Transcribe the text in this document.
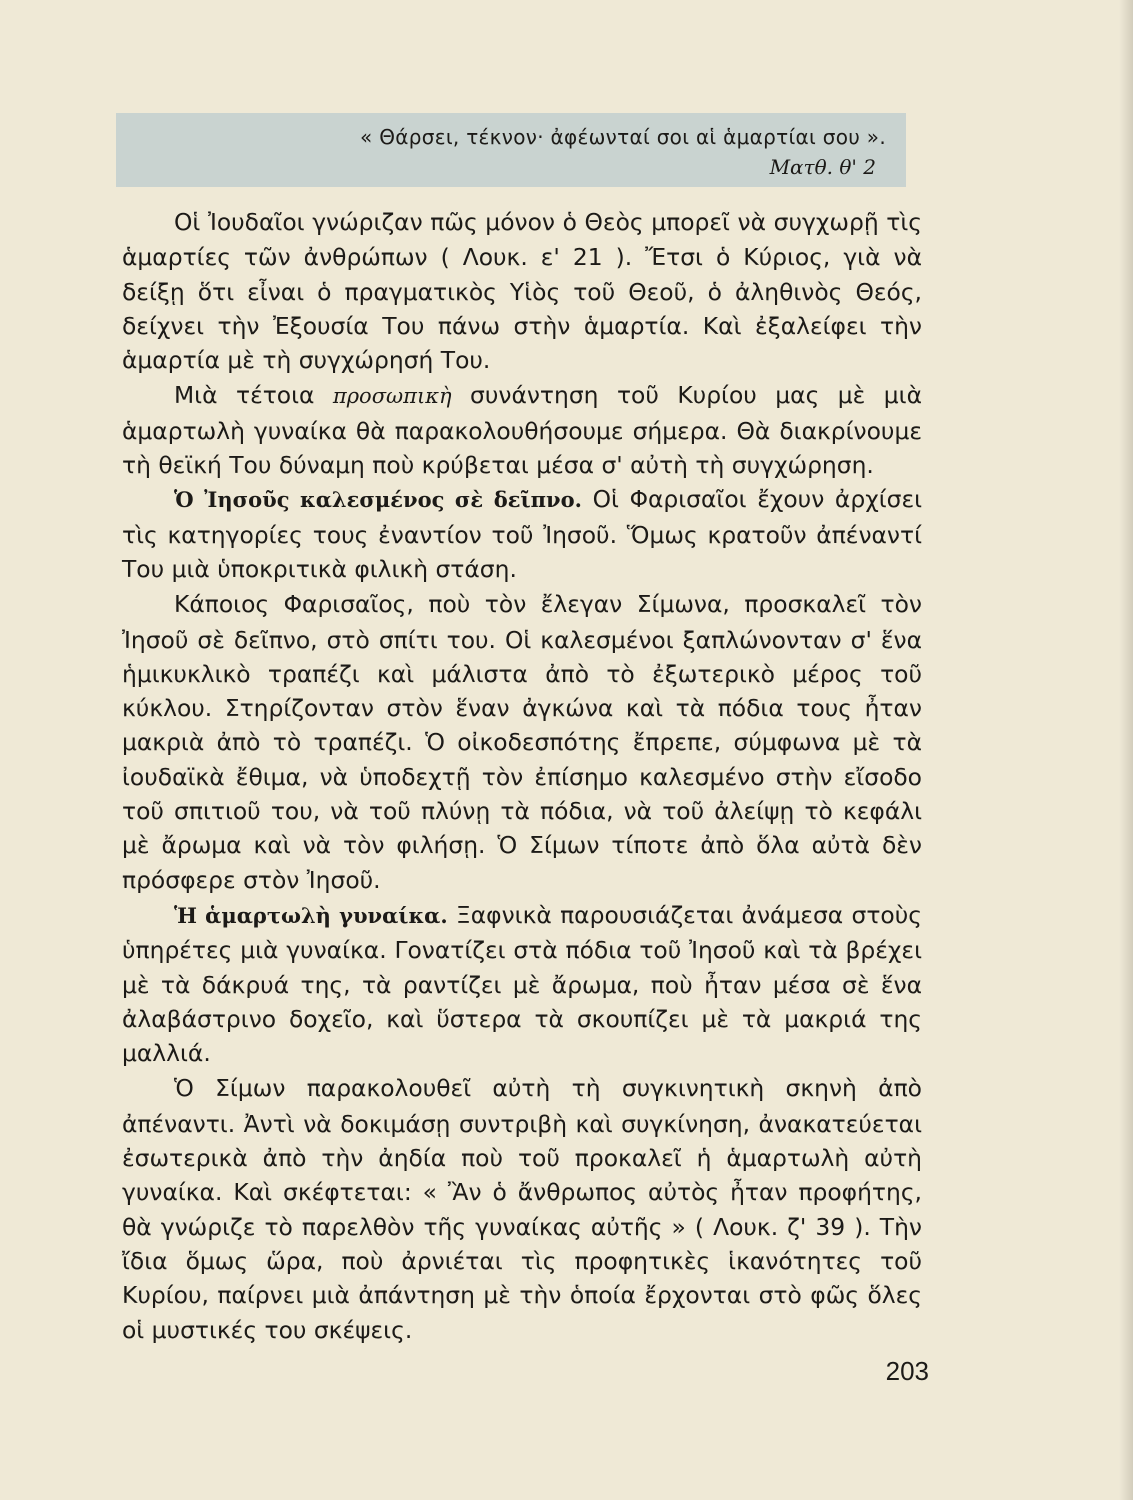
« Θάρσει, τέκνον· ἀφέωνταί σοι αἱ ἁμαρτίαι σου ».
Ματθ. θ' 2

Οἱ Ἰουδαῖοι γνώριζαν πῶς μόνον ὁ Θεὸς μπορεῖ νὰ συγχωρῇ τὶς ἁμαρτίες τῶν ἀνθρώπων ( Λουκ. ε' 21 ). Ἔτσι ὁ Κύριος, γιὰ νὰ δείξῃ ὅτι εἶναι ὁ πραγματικὸς Υἱὸς τοῦ Θεοῦ, ὁ ἀληθινὸς Θεός, δείχνει τὴν Ἐξουσία Του πάνω στὴν ἁμαρτία. Καὶ ἐξαλείφει τὴν ἁμαρτία μὲ τὴ συγχώρησή Του.

Μιὰ τέτοια προσωπικὴ συνάντηση τοῦ Κυρίου μας μὲ μιὰ ἁμαρτωλὴ γυναίκα θὰ παρακολουθήσουμε σήμερα. Θὰ διακρίνουμε τὴ θεϊκή Του δύναμη ποὺ κρύβεται μέσα σ' αὐτὴ τὴ συγχώρηση.

Ὁ Ἰησοῦς καλεσμένος σὲ δεῖπνο. Οἱ Φαρισαῖοι ἔχουν ἀρχίσει τὶς κατηγορίες τους ἐναντίον τοῦ Ἰησοῦ. Ὅμως κρατοῦν ἀπέναντί Του μιὰ ὑποκριτικὰ φιλικὴ στάση.

Κάποιος Φαρισαῖος, ποὺ τὸν ἔλεγαν Σίμωνα, προσκαλεῖ τὸν Ἰησοῦ σὲ δεῖπνο, στὸ σπίτι του. Οἱ καλεσμένοι ξαπλώνονταν σ' ἕνα ἡμικυκλικὸ τραπέζι καὶ μάλιστα ἀπὸ τὸ ἐξωτερικὸ μέρος τοῦ κύκλου. Στηρίζονταν στὸν ἕναν ἀγκώνα καὶ τὰ πόδια τους ἦταν μακριὰ ἀπὸ τὸ τραπέζι. Ὁ οἰκοδεσπότης ἔπρεπε, σύμφωνα μὲ τὰ ἰουδαϊκὰ ἔθιμα, νὰ ὑποδεχτῇ τὸν ἐπίσημο καλεσμένο στὴν εἴσοδο τοῦ σπιτιοῦ του, νὰ τοῦ πλύνῃ τὰ πόδια, νὰ τοῦ ἀλείψῃ τὸ κεφάλι μὲ ἄρωμα καὶ νὰ τὸν φιλήσῃ. Ὁ Σίμων τίποτε ἀπὸ ὅλα αὐτὰ δὲν πρόσφερε στὸν Ἰησοῦ.

Ἡ ἁμαρτωλὴ γυναίκα. Ξαφνικὰ παρουσιάζεται ἀνάμεσα στοὺς ὑπηρέτες μιὰ γυναίκα. Γονατίζει στὰ πόδια τοῦ Ἰησοῦ καὶ τὰ βρέχει μὲ τὰ δάκρυά της, τὰ ραντίζει μὲ ἄρωμα, ποὺ ἦταν μέσα σὲ ἕνα ἀλαβάστρινο δοχεῖο, καὶ ὕστερα τὰ σκουπίζει μὲ τὰ μακριά της μαλλιά.

Ὁ Σίμων παρακολουθεῖ αὐτὴ τὴ συγκινητικὴ σκηνὴ ἀπὸ ἀπέναντι. Ἀντὶ νὰ δοκιμάσῃ συντριβὴ καὶ συγκίνηση, ἀνακατεύεται ἐσωτερικὰ ἀπὸ τὴν ἀηδία ποὺ τοῦ προκαλεῖ ἡ ἁμαρτωλὴ αὐτὴ γυναίκα. Καὶ σκέφτεται: « Ἂν ὁ ἄνθρωπος αὐτὸς ἦταν προφήτης, θὰ γνώριζε τὸ παρελθὸν τῆς γυναίκας αὐτῆς » ( Λουκ. ζ' 39 ). Τὴν ἴδια ὅμως ὥρα, ποὺ ἀρνιέται τὶς προφητικὲς ἱκανότητες τοῦ Κυρίου, παίρνει μιὰ ἀπάντηση μὲ τὴν ὁποία ἔρχονται στὸ φῶς ὅλες οἱ μυστικές του σκέψεις.

203
